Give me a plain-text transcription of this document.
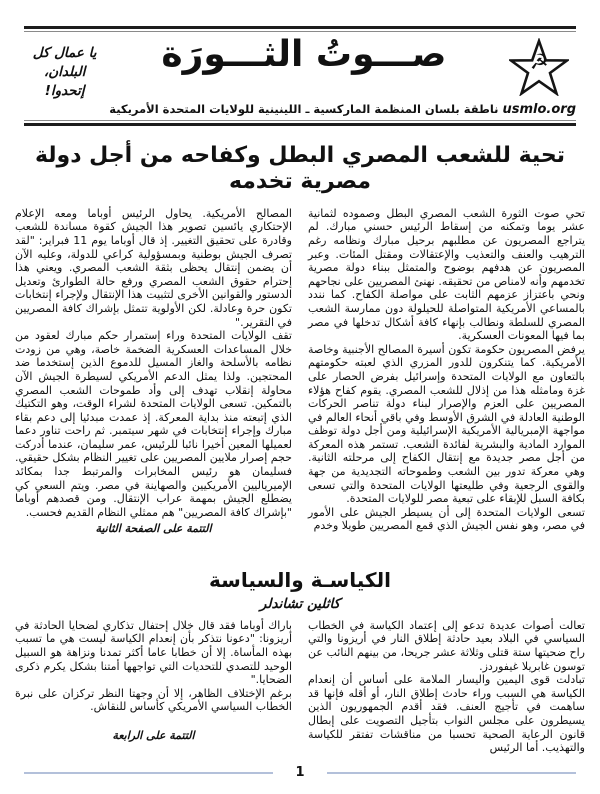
☭
usmlo.org
صـــوتُ الثـــورَة
ناطقة بلسان المنظمة الماركسية ـ اللينينية للولايات المتحدة الأمريكية

يا عمال كل

البلدان،

إتحدوا!

تحية للشعب المصري البطل وكفاحه من أجل دولة مصرية تخدمه

تحي صوت الثورة الشعب المصري البطل وصموده لثمانية عشر يوما وتمكنه من إسقاط الرئيس حسني مبارك. لم يتراجع المصريون عن مطلبهم برحيل مبارك ونظامه رغم الترهيب والعنف والتعذيب والإعتقالات ومقتل المئات. وعبر المصريون عن هدفهم بوضوح والمتمثل ببناء دولة مصرية تخدمهم وأنه لامناص من تحقيقه. نهنئ المصريين على نجاحهم ونحي باعتزاز عزمهم الثابت على مواصلة الكفاح. كما نندد بالمساعي الأمريكية المتواصلة للحيلولة دون ممارسة الشعب المصري للسلطة ونطالب بإنهاء كافة أشكال تدخلها في مصر بما فيها المعونات العسكرية.

يرفض المصريون حكومة تكون أسيرة المصالح الأجنبية وخاصة الأمريكية. كما يتنكرون للدور المزري الذي لعبته حكومتهم بالتعاون مع الولايات المتحدة وإسرائيل بفرض الحصار على غزة ومامثله هذا من إذلال للشعب المصري. يقوم كفاح هؤلاء المصريين على العزم والإصرار لبناء دولة تناصر الحركات الوطنية العادلة في الشرق الأوسط وفي باقي أنحاء العالم في مواجهة الإمبريالية الأمريكية الإسرائيلية ومن أجل دولة توظف الموارد المادية والبشرية لفائدة الشعب. تستمر هذه المعركة من أجل مصر جديدة مع إنتقال الكفاح إلى مرحلته الثانية. وهي معركة تدور بين الشعب وطموحاته التجديدية من جهة والقوى الرجعية وفي طليعتها الولايات المتحدة والتي تسعى بكافة السبل للإبقاء على تبعية مصر للولايات المتحدة.

تسعى الولايات المتحدة إلى أن يسيطر الجيش على الأمور في مصر، وهو نفس الجيش الذي قمع المصريين طويلا وخدم

المصالح الأمريكية. يحاول الرئيس أوباما ومعه الإعلام الإحتكاري يائسين تصوير هذا الجيش كقوة مساندة للشعب وقادرة على تحقيق التغيير. إذ قال أوباما يوم 11 فبراير: "لقد تصرف الجيش بوطنية وبمسؤولية كراعي للدولة، وعليه الآن أن يضمن إنتقال يحظى بثقة الشعب المصري. ويعني هذا إحترام حقوق الشعب المصري ورفع حالة الطوارئ وتعديل الدستور والقوانين الأخرى لتثبيت هذا الإنتقال ولإجراء إنتخابات تكون حرة وعادلة. لكن الأولوية تتمثل بإشراك كافة المصريين في التقرير."

تقف الولايات المتحدة وراء إستمرار حكم مبارك لعقود من خلال المساعدات العسكرية الضخمة خاصة، وهي من زودت نظامه بالأسلحة والغاز المسيل للدموع الذين إستخدما ضد المحتجين. ولذا يمثل الدعم الأمريكي لسيطرة الجيش الآن محاولة إنقلاب تهدف إلى وأد طموحات الشعب المصري بالتمكين. تسعى الولايات المتحدة لشراء الوقت، وهو التكتيك الذي إتبعته منذ بداية المعركة. إذ عمدت مبدئيا إلى دعم بقاء مبارك وإجراء إنتخابات في شهر سيتمبر. ثم راحت تناور دعما لعميلها المعين أخيرا نائبا للرئيس، عمر سليمان، عندما أدركت حجم إصرار ملايين المصريين على تغيير النظام بشكل حقيقي. فسليمان هو رئيس المخابرات والمرتبط جدا بمكائد الإميرياليين الأمريكيين والصهاينة في مصر. ويتم السعي كي يضطلع الجيش بمهمة عراب الإنتقال. ومن قصدهم أوباما "بإشراك كافة المصريين" هم ممثلي النظام القديم فحسب.

التتمة على الصفحة الثانية
الكياسـة والسياسة
كاثلين تشاندلر

تعالت أصوات عديدة تدعو إلى إعتماد الكياسة في الخطاب السياسي في البلاد بعيد حادثة إطلاق النار في أريزونا والتي راح ضحيتها ستة قتلى وثلاثة عشر جريحا، من بينهم النائب عن توسون غابريلا غيفوردز.

تبادلت قوى اليمين واليسار الملامة على أساس أن إنعدام الكياسة هي السبب وراء حادث إطلاق النار، أو أقله فإنها قد ساهمت في تأجيج العنف. فقد أقدم الجمهوريون الذين يسيطرون على مجلس النواب بتأجيل التصويت على إبطال قانون الرعاية الصحية تحسبا من مناقشات تفتقر للكياسة والتهذيب. أما الرئيس

باراك أوباما فقد قال خلال إحتفال تذكاري لضحايا الحادثة في أريزونا: "دعونا نتذكر بأن إنعدام الكياسة ليست هي ما تسبب بهذه المأساة. إلا أن خطابا عاما أكثر تمدنا ونزاهة هو السبيل الوحيد للتصدي للتحديات التي تواجهها أمتنا بشكل يكرم ذكرى الضحايا."

برغم الإختلاف الظاهر، إلا أن وجهتا النظر تركزان على نبرة الخطاب السياسي الأمريكي كأساس للنقاش.

التتمة على الرابعة
1
